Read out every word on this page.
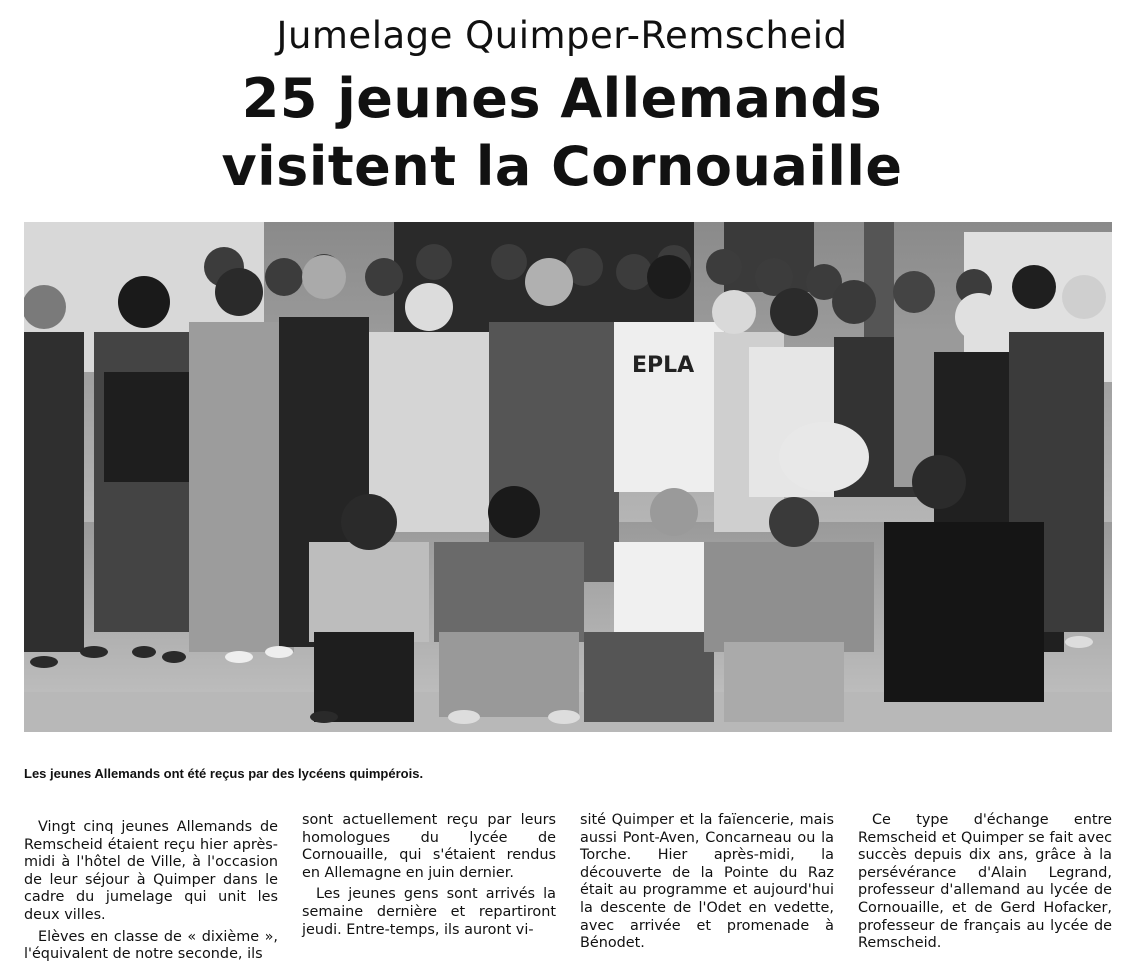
Jumelage Quimper-Remscheid
25 jeunes Allemands
visitent la Cornouaille
EPLA
Les jeunes Allemands ont été reçus par des lycéens quimpérois.

Vingt cinq jeunes Allemands de Remscheid étaient reçu hier après-midi à l'hôtel de Ville, à l'occasion de leur séjour à Quimper dans le cadre du jumelage qui unit les deux villes.

Elèves en classe de « dixième », l'équivalent de notre seconde, ils

sont actuellement reçu par leurs homologues du lycée de Cornouaille, qui s'étaient rendus en Allemagne en juin dernier.

Les jeunes gens sont arrivés la semaine dernière et repartiront jeudi. Entre-temps, ils auront vi-

sité Quimper et la faïencerie, mais aussi Pont-Aven, Concarneau ou la Torche. Hier après-midi, la découverte de la Pointe du Raz était au programme et aujourd'hui la descente de l'Odet en vedette, avec arrivée et promenade à Bénodet.

Ce type d'échange entre Remscheid et Quimper se fait avec succès depuis dix ans, grâce à la persévérance d'Alain Legrand, professeur d'allemand au lycée de Cornouaille, et de Gerd Hofacker, professeur de français au lycée de Remscheid.
